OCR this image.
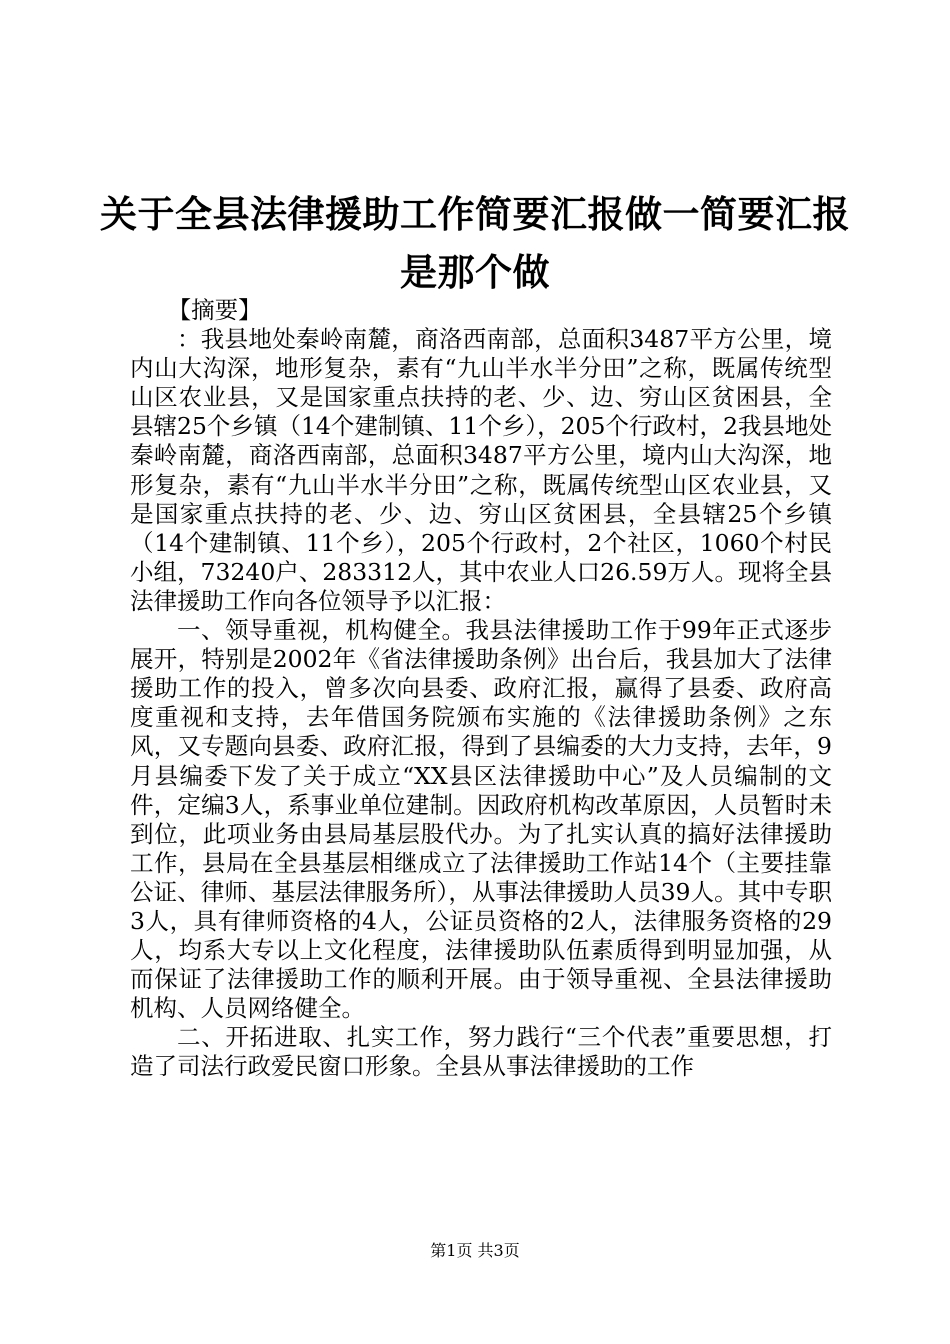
关于全县法律援助工作简要汇报做一简要汇报是那个做

【摘要】

：我县地处秦岭南麓，商洛西南部，总面积3487平方公里，境内山大沟深，地形复杂，素有“九山半水半分田”之称，既属传统型山区农业县，又是国家重点扶持的老、少、边、穷山区贫困县，全县辖25个乡镇（14个建制镇、11个乡），205个行政村，2我县地处秦岭南麓，商洛西南部，总面积3487平方公里，境内山大沟深，地形复杂，素有“九山半水半分田”之称，既属传统型山区农业县，又是国家重点扶持的老、少、边、穷山区贫困县，全县辖25个乡镇（14个建制镇、11个乡），205个行政村，2个社区，1060个村民小组，73240户、283312人，其中农业人口26.59万人。现将全县法律援助工作向各位领导予以汇报：

一、领导重视，机构健全。我县法律援助工作于99年正式逐步展开，特别是2002年《省法律援助条例》出台后，我县加大了法律援助工作的投入，曾多次向县委、政府汇报，赢得了县委、政府高度重视和支持，去年借国务院颁布实施的《法律援助条例》之东风，又专题向县委、政府汇报，得到了县编委的大力支持，去年，9月县编委下发了关于成立“XX县区法律援助中心”及人员编制的文件，定编3人，系事业单位建制。因政府机构改革原因，人员暂时未到位，此项业务由县局基层股代办。为了扎实认真的搞好法律援助工作，县局在全县基层相继成立了法律援助工作站14个（主要挂靠公证、律师、基层法律服务所），从事法律援助人员39人。其中专职3人，具有律师资格的4人，公证员资格的2人，法律服务资格的29人，均系大专以上文化程度，法律援助队伍素质得到明显加强，从而保证了法律援助工作的顺利开展。由于领导重视、全县法律援助机构、人员网络健全。

二、开拓进取、扎实工作，努力践行“三个代表”重要思想，打造了司法行政爱民窗口形象。全县从事法律援助的工作

第1页 共3页
